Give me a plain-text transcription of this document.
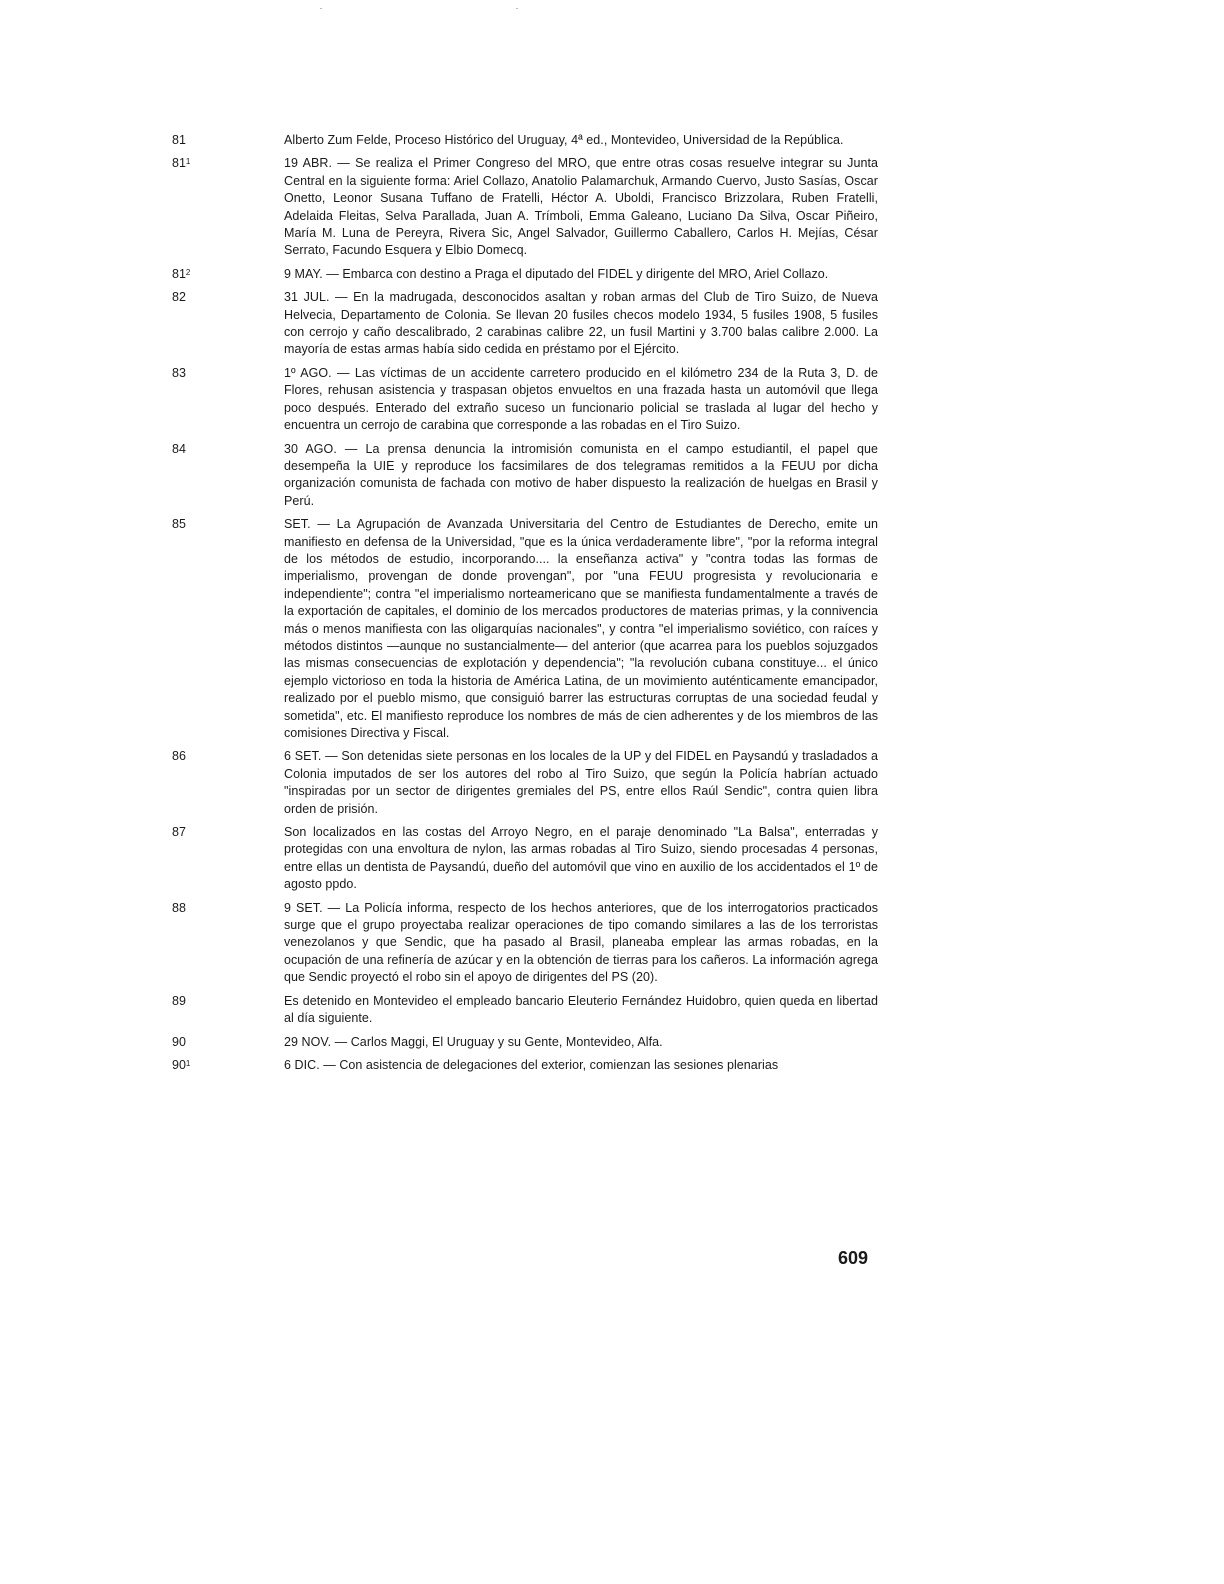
81	Alberto Zum Felde, Proceso Histórico del Uruguay, 4ª ed., Montevideo, Universidad de la República.
$81^1$	19 ABR. — Se realiza el Primer Congreso del MRO, que entre otras cosas resuelve integrar su Junta Central en la siguiente forma: Ariel Collazo, Anatolio Palamarchuk, Armando Cuervo, Justo Sasías, Oscar Onetto, Leonor Susana Tuffano de Fratelli, Héctor A. Uboldi, Francisco Brizzolara, Ruben Fratelli, Adelaida Fleitas, Selva Parallada, Juan A. Trímboli, Emma Galeano, Luciano Da Silva, Oscar Piñeiro, María M. Luna de Pereyra, Rivera Sic, Angel Salvador, Guillermo Caballero, Carlos H. Mejías, César Serrato, Facundo Esquera y Elbio Domecq.
$81^2$	9 MAY. — Embarca con destino a Praga el diputado del FIDEL y dirigente del MRO, Ariel Collazo.
82	31 JUL. — En la madrugada, desconocidos asaltan y roban armas del Club de Tiro Suizo, de Nueva Helvecia, Departamento de Colonia. Se llevan 20 fusiles checos modelo 1934, 5 fusiles 1908, 5 fusiles con cerrojo y caño descalibrado, 2 carabinas calibre 22, un fusil Martini y 3.700 balas calibre 2.000. La mayoría de estas armas había sido cedida en préstamo por el Ejército.
83	1º AGO. — Las víctimas de un accidente carretero producido en el kilómetro 234 de la Ruta 3, D. de Flores, rehusan asistencia y traspasan objetos envueltos en una frazada hasta un automóvil que llega poco después. Enterado del extraño suceso un funcionario policial se traslada al lugar del hecho y encuentra un cerrojo de carabina que corresponde a las robadas en el Tiro Suizo.
84	30 AGO. — La prensa denuncia la intromisión comunista en el campo estudiantil, el papel que desempeña la UIE y reproduce los facsimilares de dos telegramas remitidos a la FEUU por dicha organización comunista de fachada con motivo de haber dispuesto la realización de huelgas en Brasil y Perú.
85	SET. — La Agrupación de Avanzada Universitaria del Centro de Estudiantes de Derecho, emite un manifiesto en defensa de la Universidad, "que es la única verdaderamente libre", "por la reforma integral de los métodos de estudio, incorporando.... la enseñanza activa" y "contra todas las formas de imperialismo, provengan de donde provengan", por "una FEUU progresista y revolucionaria e independiente"; contra "el imperialismo norteamericano que se manifiesta fundamentalmente a través de la exportación de capitales, el dominio de los mercados productores de materias primas, y la connivencia más o menos manifiesta con las oligarquías nacionales", y contra "el imperialismo soviético, con raíces y métodos distintos —aunque no sustancialmente— del anterior (que acarrea para los pueblos sojuzgados las mismas consecuencias de explotación y dependencia"; "la revolución cubana constituye... el único ejemplo victorioso en toda la historia de América Latina, de un movimiento auténticamente emancipador, realizado por el pueblo mismo, que consiguió barrer las estructuras corruptas de una sociedad feudal y sometida", etc. El manifiesto reproduce los nombres de más de cien adherentes y de los miembros de las comisiones Directiva y Fiscal.
86	6 SET. — Son detenidas siete personas en los locales de la UP y del FIDEL en Paysandú y trasladados a Colonia imputados de ser los autores del robo al Tiro Suizo, que según la Policía habrían actuado "inspiradas por un sector de dirigentes gremiales del PS, entre ellos Raúl Sendic", contra quien libra orden de prisión.
87	Son localizados en las costas del Arroyo Negro, en el paraje denominado "La Balsa", enterradas y protegidas con una envoltura de nylon, las armas robadas al Tiro Suizo, siendo procesadas 4 personas, entre ellas un dentista de Paysandú, dueño del automóvil que vino en auxilio de los accidentados el 1º de agosto ppdo.
88	9 SET. — La Policía informa, respecto de los hechos anteriores, que de los interrogatorios practicados surge que el grupo proyectaba realizar operaciones de tipo comando similares a las de los terroristas venezolanos y que Sendic, que ha pasado al Brasil, planeaba emplear las armas robadas, en la ocupación de una refinería de azúcar y en la obtención de tierras para los cañeros. La información agrega que Sendic proyectó el robo sin el apoyo de dirigentes del PS (20).
89	Es detenido en Montevideo el empleado bancario Eleuterio Fernández Huidobro, quien queda en libertad al día siguiente.
90	29 NOV. — Carlos Maggi, El Uruguay y su Gente, Montevideo, Alfa.
$90^1$	6 DIC. — Con asistencia de delegaciones del exterior, comienzan las sesiones plenarias
609
